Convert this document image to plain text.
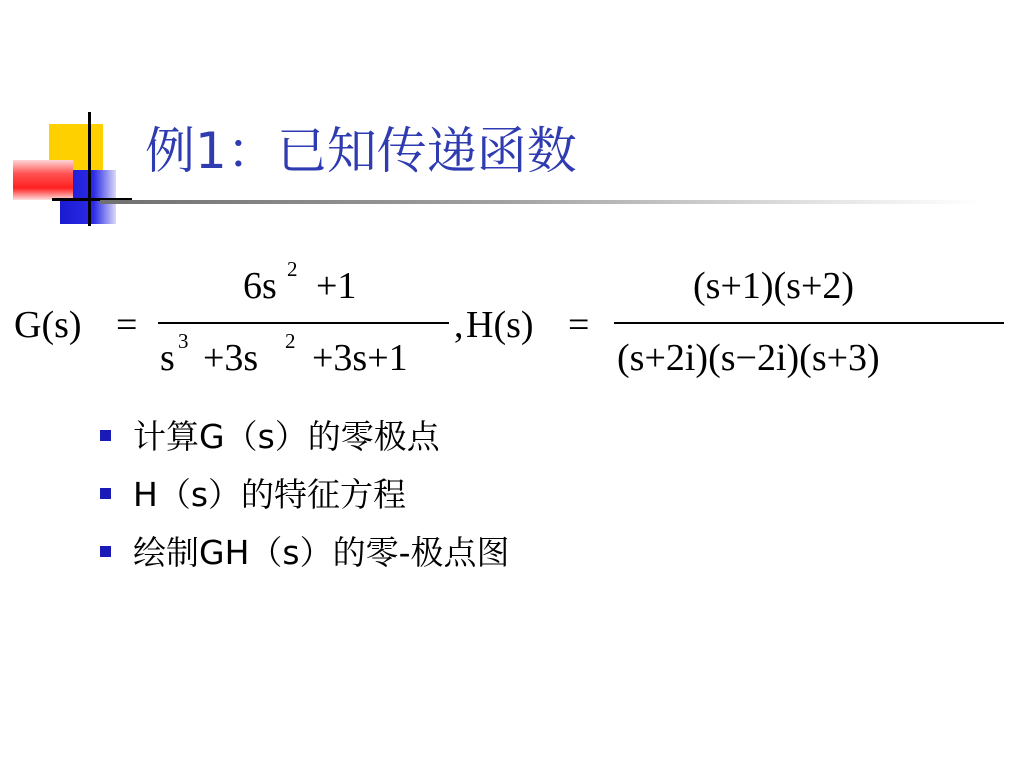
例1：已知传递函数
G(s) =
6s 2 +1
s 3 +3s 2 +3s+1
, H(s) =
(s+1)(s+2)
(s+2i)(s−2i)(s+3)
计算G（s）的零极点
H（s）的特征方程
绘制GH（s）的零-极点图
